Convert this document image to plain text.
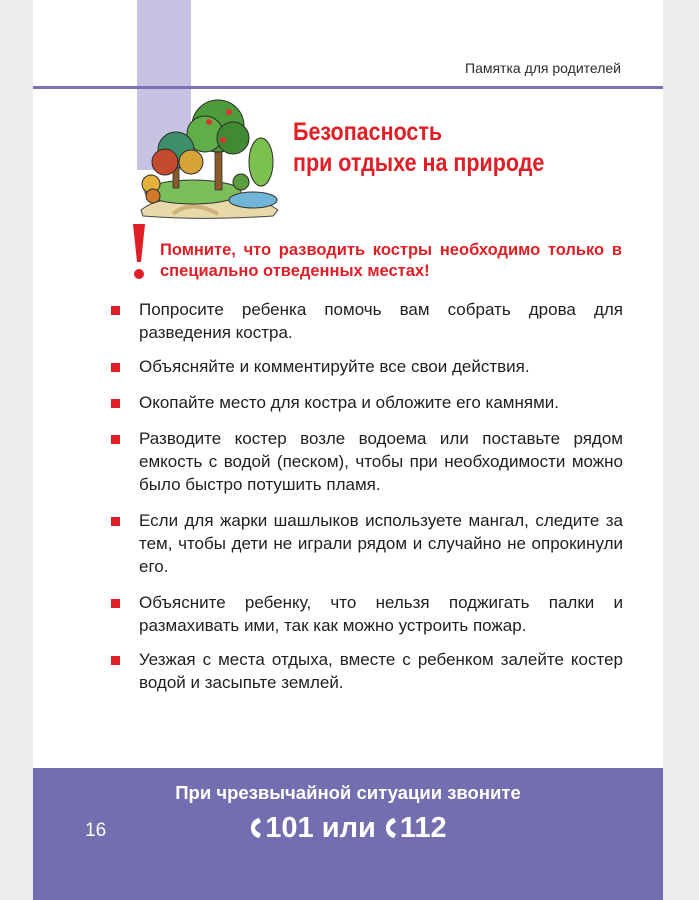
Памятка для родителей
Безопасность
при отдыхе на природе
Помните, что разводить костры необходимо только в специально отведенных местах!
Попросите ребенка помочь вам собрать дрова для разведения костра.
Объясняйте и комментируйте все свои действия.
Окопайте место для костра и обложите его камнями.
Разводите костер возле водоема или поставьте рядом емкость с водой (песком), чтобы при необходимости можно было быстро потушить пламя.
Если для жарки шашлыков используете мангал, следите за тем, чтобы дети не играли рядом и случайно не опрокинули его.
Объясните ребенку, что нельзя поджигать палки и размахивать ими, так как можно устроить пожар.
Уезжая с места отдыха, вместе с ребенком залейте костер водой и засыпьте землей.
При чрезвычайной ситуации звоните
16	101 или 112
